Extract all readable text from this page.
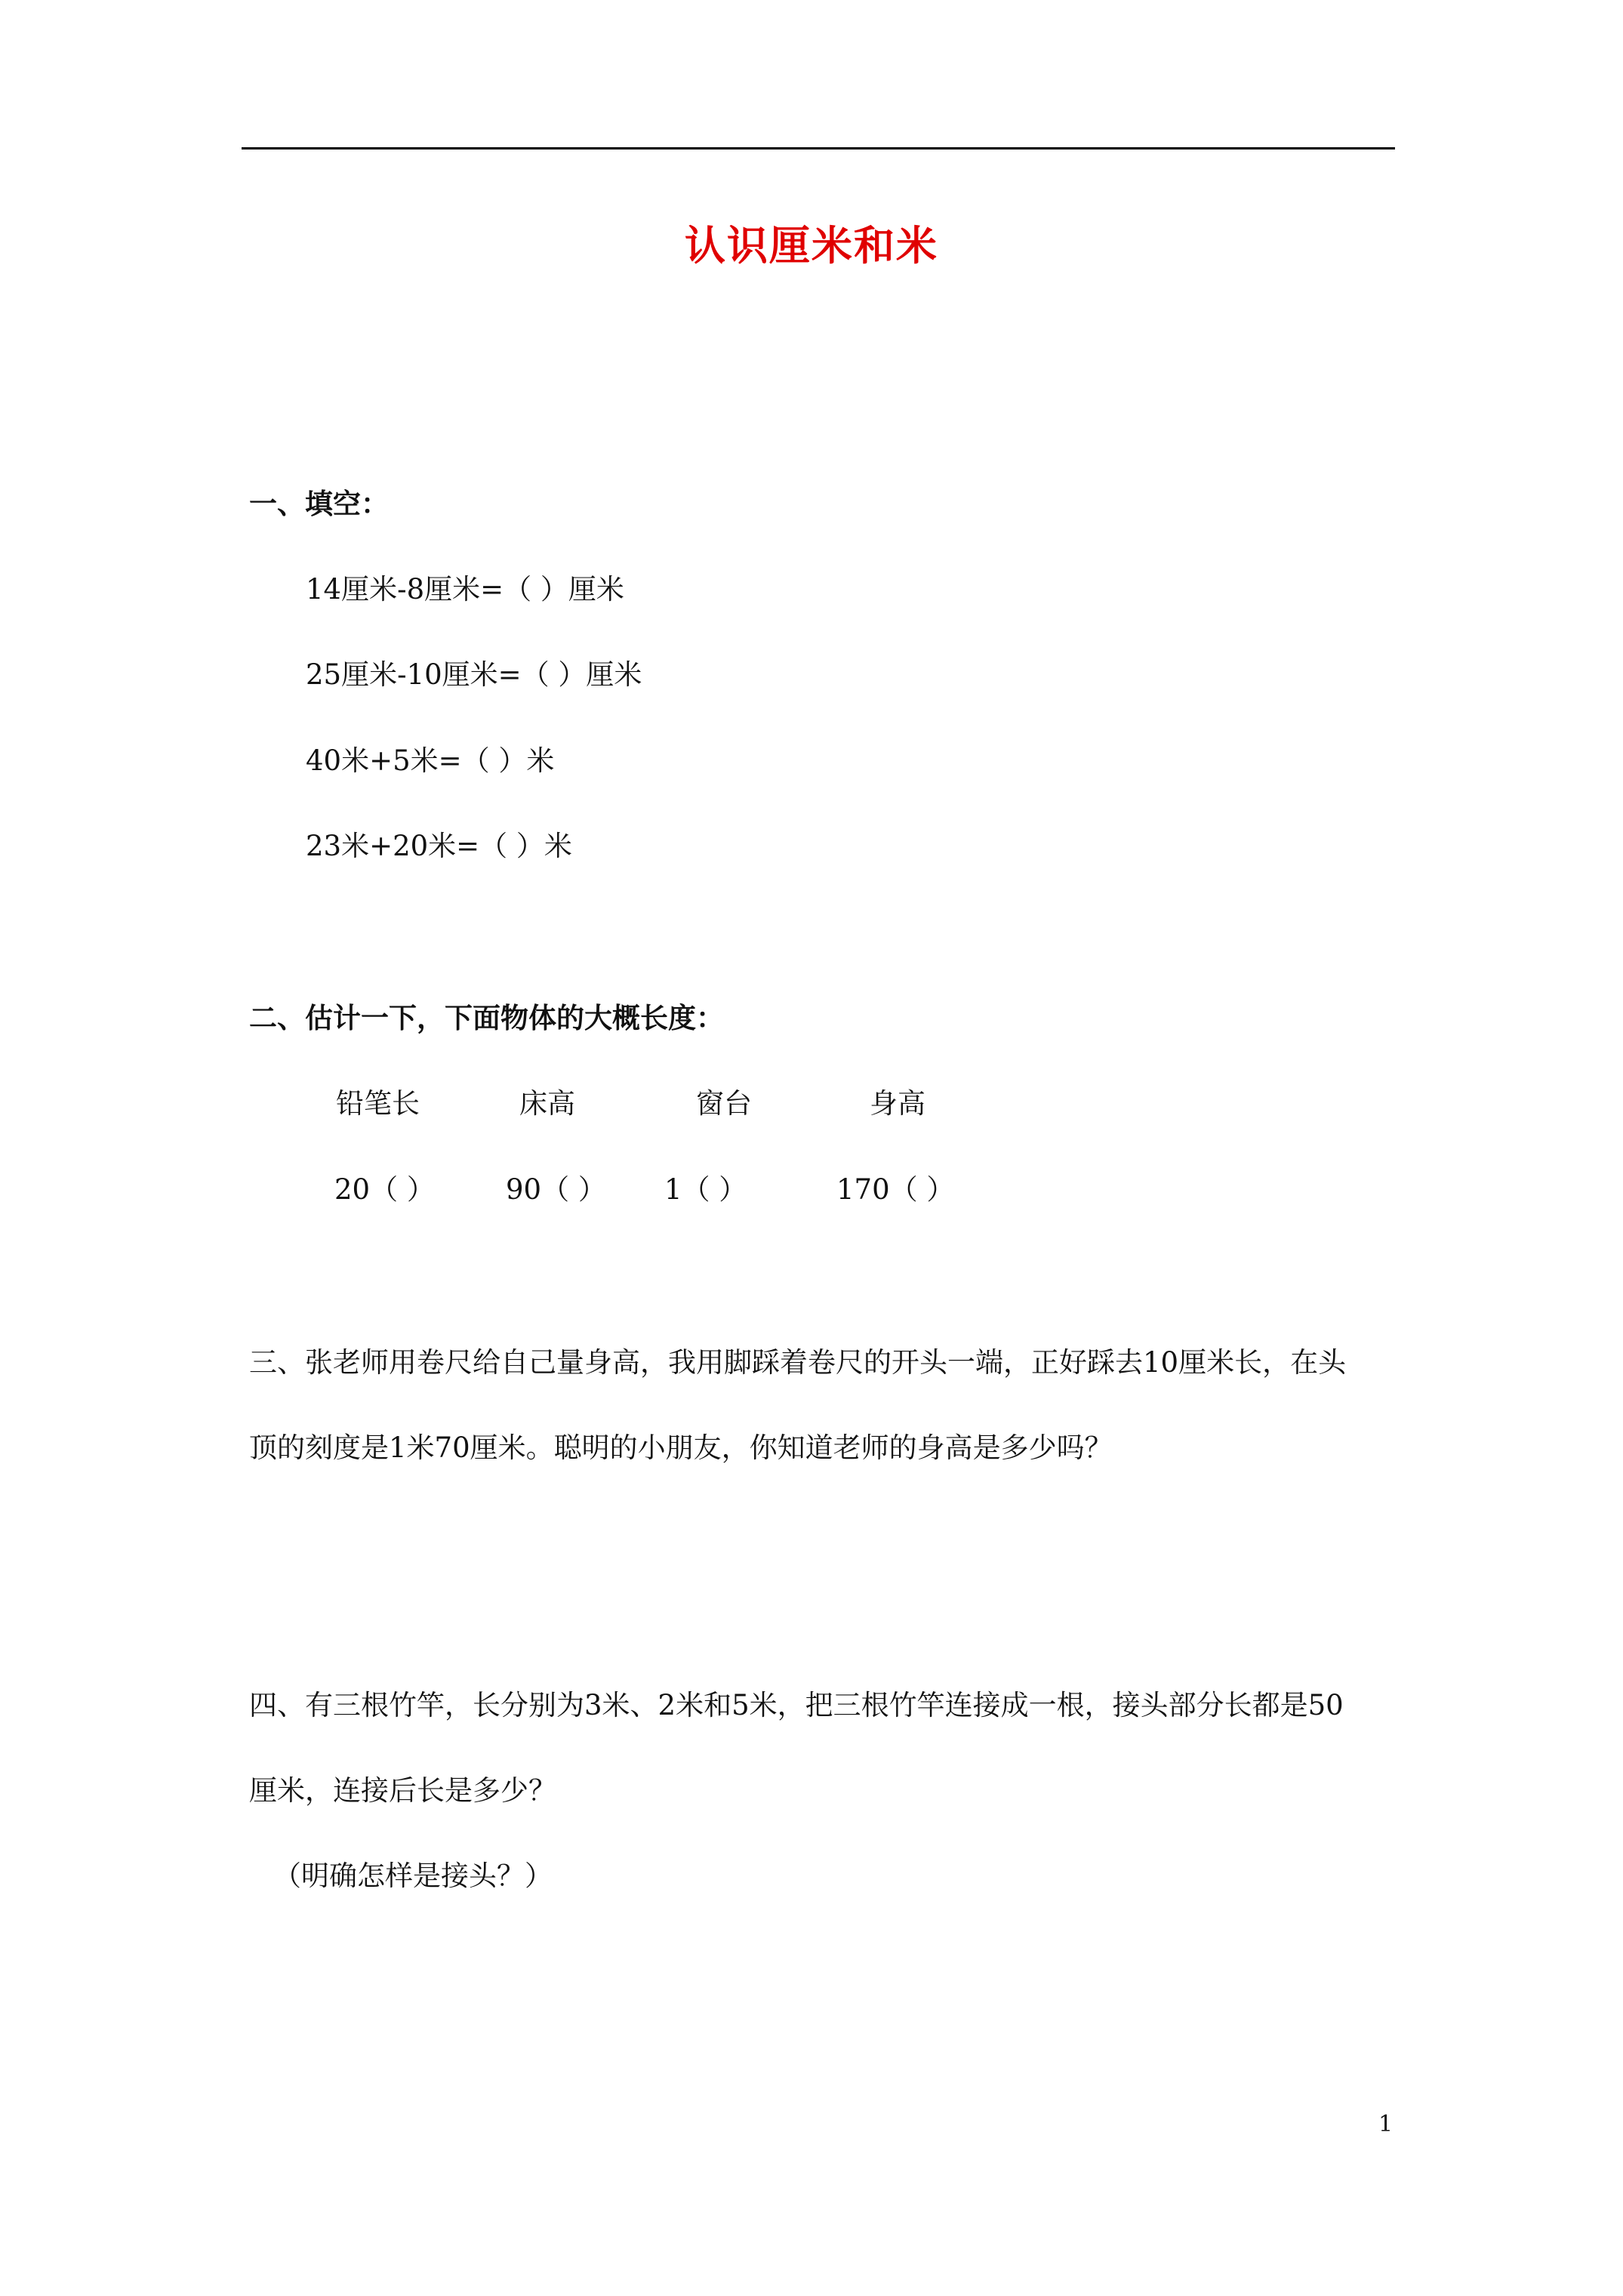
认识厘米和米
一、填空：
14厘米-8厘米=（ ）厘米
25厘米-10厘米=（ ）厘米
40米+5米=（ ）米
23米+20米=（ ）米
二、估计一下，下面物体的大概长度：
铅笔长	床高	窗台	身高
20（ ）	90（ ） 1（ ）	170（ ）
三、张老师用卷尺给自己量身高，我用脚踩着卷尺的开头一端，正好踩去10厘米长，在头
顶的刻度是1米70厘米。聪明的小朋友，你知道老师的身高是多少吗？
四、有三根竹竿，长分别为3米、2米和5米，把三根竹竿连接成一根，接头部分长都是50
厘米，连接后长是多少？
（明确怎样是接头？）
1
